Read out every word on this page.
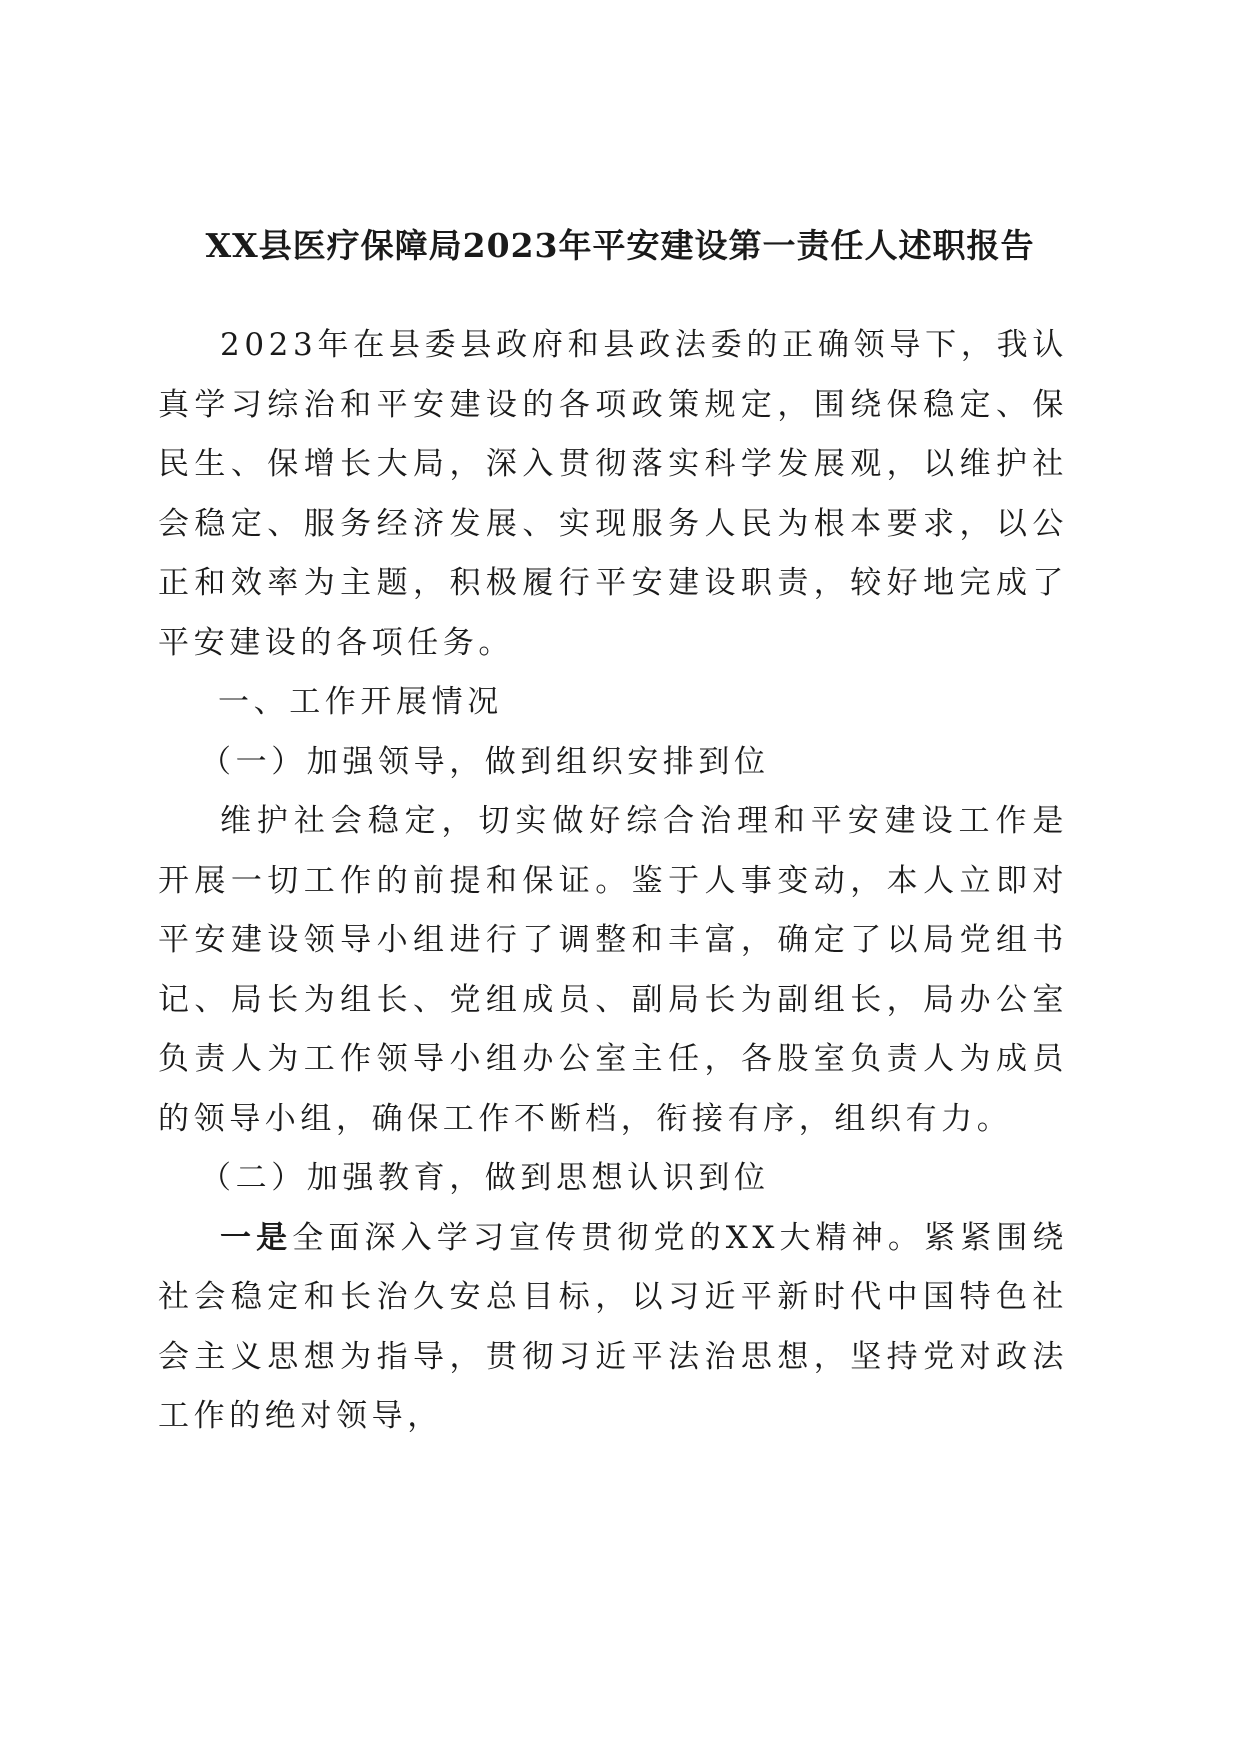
XX县医疗保障局2023年平安建设第一责任人述职报告

2023年在县委县政府和县政法委的正确领导下，我认真学习综治和平安建设的各项政策规定，围绕保稳定、保民生、保增长大局，深入贯彻落实科学发展观，以维护社会稳定、服务经济发展、实现服务人民为根本要求，以公正和效率为主题，积极履行平安建设职责，较好地完成了平安建设的各项任务。

一、工作开展情况

（一）加强领导，做到组织安排到位

维护社会稳定，切实做好综合治理和平安建设工作是开展一切工作的前提和保证。鉴于人事变动，本人立即对平安建设领导小组进行了调整和丰富，确定了以局党组书记、局长为组长、党组成员、副局长为副组长，局办公室负责人为工作领导小组办公室主任，各股室负责人为成员的领导小组，确保工作不断档，衔接有序，组织有力。

（二）加强教育，做到思想认识到位

一是全面深入学习宣传贯彻党的XX大精神。紧紧围绕社会稳定和长治久安总目标，以习近平新时代中国特色社会主义思想为指导，贯彻习近平法治思想，坚持党对政法工作的绝对领导，
